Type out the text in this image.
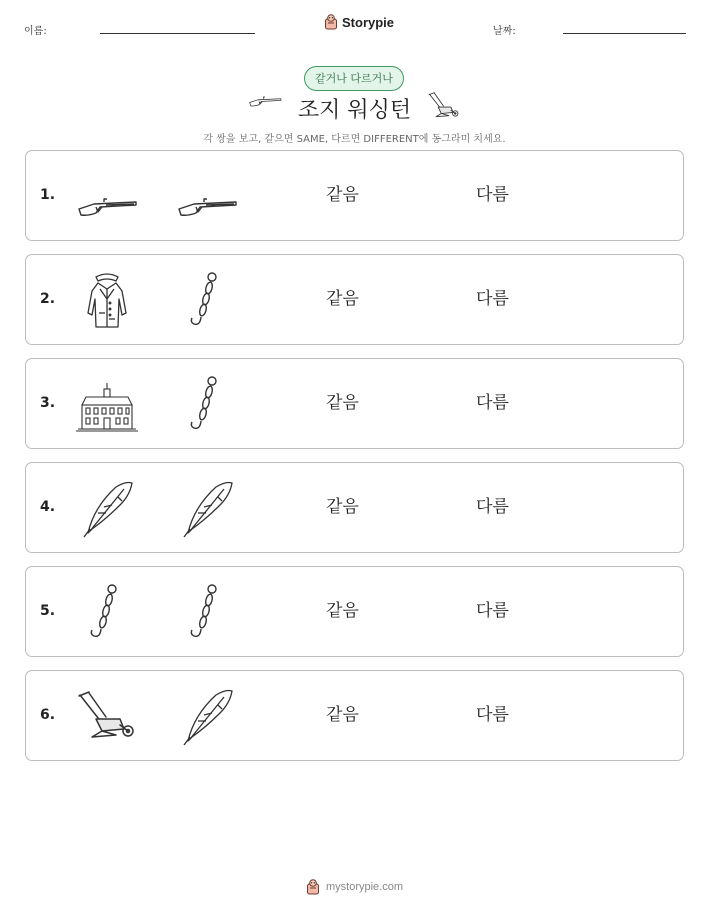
이름:
Storypie
날짜:
같거나 다르거나
조지 워싱턴
각 쌍을 보고, 같으면 SAME, 다르면 DIFFERENT에 동그라미 치세요.
1.	같음	다름
2.	같음	다름
3.	같음	다름
4.	같음	다름
5.	같음	다름
6.	같음	다름
mystorypie.com
